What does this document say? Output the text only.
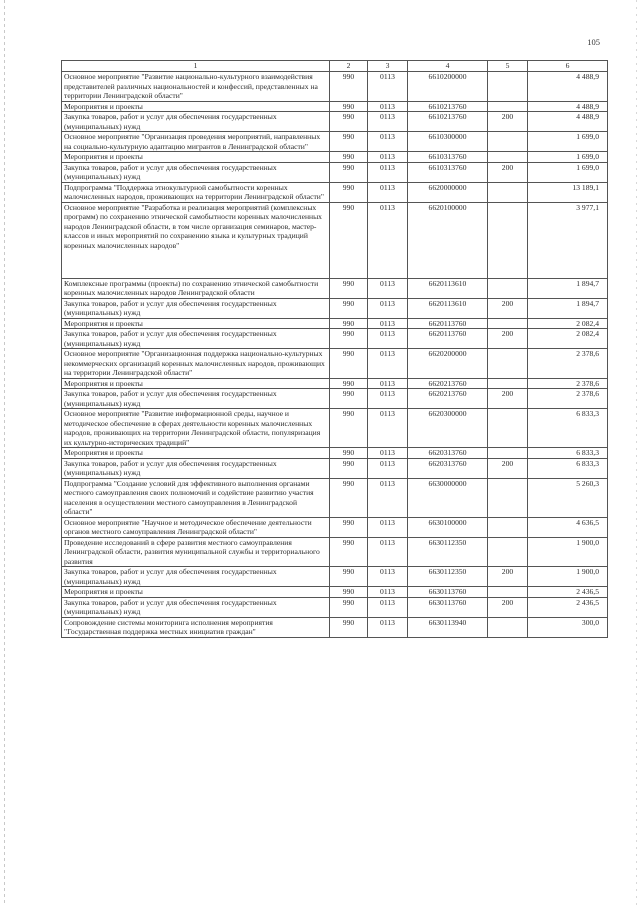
105
1	2	3	4	5	6
Основное мероприятие "Развитие национально-культурного взаимодействия представителей различных национальностей и конфессий, представленных на территории Ленинградской области"	990	0113	6610200000		4 488,9
Мероприятия и проекты	990	0113	6610213760		4 488,9
Закупка товаров, работ и услуг для обеспечения государственных (муниципальных) нужд	990	0113	6610213760	200	4 488,9
Основное мероприятие "Организация проведения мероприятий, направленных на социально-культурную адаптацию мигрантов в Ленинградской области"	990	0113	6610300000		1 699,0
Мероприятия и проекты	990	0113	6610313760		1 699,0
Закупка товаров, работ и услуг для обеспечения государственных (муниципальных) нужд	990	0113	6610313760	200	1 699,0
Подпрограмма "Поддержка этнокультурной самобытности коренных малочисленных народов, проживающих на территории Ленинградской области"	990	0113	6620000000		13 189,1
Основное мероприятие "Разработка и реализация мероприятий (комплексных программ) по сохранению этнической самобытности коренных малочисленных народов Ленинградской области, в том числе организация семинаров, мастер-классов и иных мероприятий по сохранению языка и культурных традиций коренных малочисленных народов"	990	0113	6620100000		3 977,1
Комплексные программы (проекты) по сохранению этнической самобытности коренных малочисленных народов Ленинградской области	990	0113	6620113610		1 894,7
Закупка товаров, работ и услуг для обеспечения государственных (муниципальных) нужд	990	0113	6620113610	200	1 894,7
Мероприятия и проекты	990	0113	6620113760		2 082,4
Закупка товаров, работ и услуг для обеспечения государственных (муниципальных) нужд	990	0113	6620113760	200	2 082,4
Основное мероприятие "Организационная поддержка национально-культурных некоммерческих организаций коренных малочисленных народов, проживающих на территории Ленинградской области"	990	0113	6620200000		2 378,6
Мероприятия и проекты	990	0113	6620213760		2 378,6
Закупка товаров, работ и услуг для обеспечения государственных (муниципальных) нужд	990	0113	6620213760	200	2 378,6
Основное мероприятие "Развитие информационной среды, научное и методическое обеспечение в сферах деятельности коренных малочисленных народов, проживающих на территории Ленинградской области, популяризация их культурно-исторических традиций"	990	0113	6620300000		6 833,3
Мероприятия и проекты	990	0113	6620313760		6 833,3
Закупка товаров, работ и услуг для обеспечения государственных (муниципальных) нужд	990	0113	6620313760	200	6 833,3
Подпрограмма "Создание условий для эффективного выполнения органами местного самоуправления своих полномочий и содействие развитию участия населения в осуществлении местного самоуправления в Ленинградской области"	990	0113	6630000000		5 260,3
Основное мероприятие "Научное и методическое обеспечение деятельности органов местного самоуправления Ленинградской области"	990	0113	6630100000		4 636,5
Проведение исследований в сфере развития местного самоуправления Ленинградской области, развития муниципальной службы и территориального развития	990	0113	6630112350		1 900,0
Закупка товаров, работ и услуг для обеспечения государственных (муниципальных) нужд	990	0113	6630112350	200	1 900,0
Мероприятия и проекты	990	0113	6630113760		2 436,5
Закупка товаров, работ и услуг для обеспечения государственных (муниципальных) нужд	990	0113	6630113760	200	2 436,5
Сопровождение системы мониторинга исполнения мероприятия "Государственная поддержка местных инициатив граждан"	990	0113	6630113940		300,0
